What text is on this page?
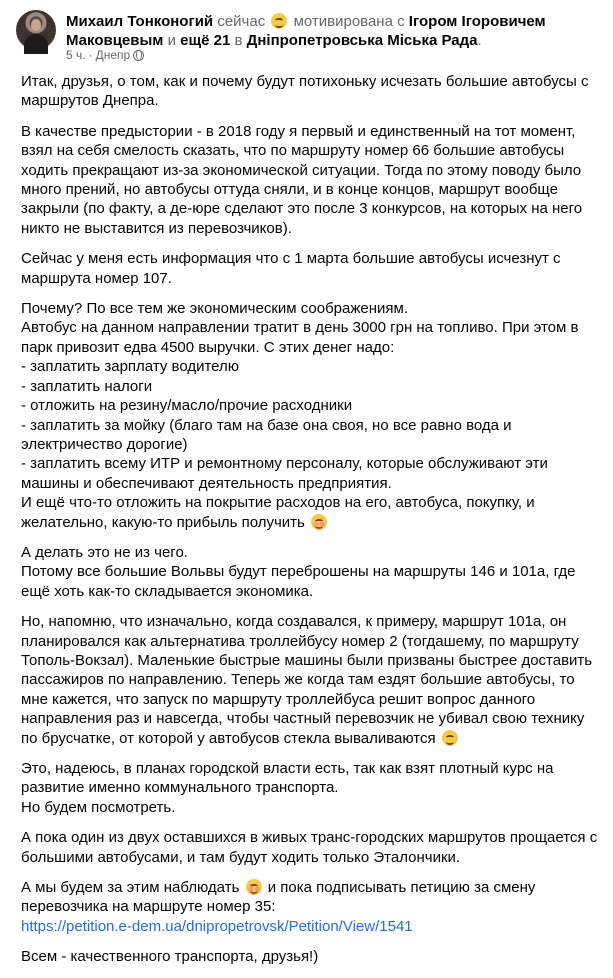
Михаил Тонконогий сейчас мотивирована с Ігором Ігоровичем Маковцевым и ещё 21 в Дніпропетровська Міська Рада.
5 ч. · Днепр
Итак, друзья, о том, как и почему будут потихоньку исчезать большие автобусы с маршрутов Днепра.
В качестве предыстории - в 2018 году я первый и единственный на тот момент, взял на себя смелость сказать, что по маршруту номер 66 большие автобусы ходить прекращают из-за экономической ситуации. Тогда по этому поводу было много прений, но автобусы оттуда сняли, и в конце концов, маршрут вообще закрыли (по факту, а де-юре сделают это после 3 конкурсов, на которых на него никто не выставится из перевозчиков).
Сейчас у меня есть информация что с 1 марта большие автобусы исчезнут с маршрута номер 107.
Почему? По все тем же экономическим соображениям.
Автобус на данном направлении тратит в день 3000 грн на топливо. При этом в парк привозит едва 4500 выручки. С этих денег надо:
- заплатить зарплату водителю
- заплатить налоги
- отложить на резину/масло/прочие расходники
- заплатить за мойку (благо там на базе она своя, но все равно вода и электричество дорогие)
- заплатить всему ИТР и ремонтному персоналу, которые обслуживают эти машины и обеспечивают деятельность предприятия.
И ещё что-то отложить на покрытие расходов на его, автобуса, покупку, и желательно, какую-то прибыль получить
А делать это не из чего.
Потому все большие Вольвы будут переброшены на маршруты 146 и 101а, где ещё хоть как-то складывается экономика.
Но, напомню, что изначально, когда создавался, к примеру, маршрут 101а, он планировался как альтернатива троллейбусу номер 2 (тогдашему, по маршруту Тополь-Вокзал). Маленькие быстрые машины были призваны быстрее доставить пассажиров по направлению. Теперь же когда там ездят большие автобусы, то мне кажется, что запуск по маршруту троллейбуса решит вопрос данного направления раз и навсегда, чтобы частный перевозчик не убивал свою технику по брусчатке, от которой у автобусов стекла вываливаются
Это, надеюсь, в планах городской власти есть, так как взят плотный курс на развитие именно коммунального транспорта.
Но будем посмотреть.
А пока один из двух оставшихся в живых транс-городских маршрутов прощается с большими автобусами, и там будут ходить только Эталончики.
А мы будем за этим наблюдать и пока подписывать петицию за смену перевозчика на маршруте номер 35:
https://petition.e-dem.ua/dnipropetrovsk/Petition/View/1541
Всем - качественного транспорта, друзья!)
